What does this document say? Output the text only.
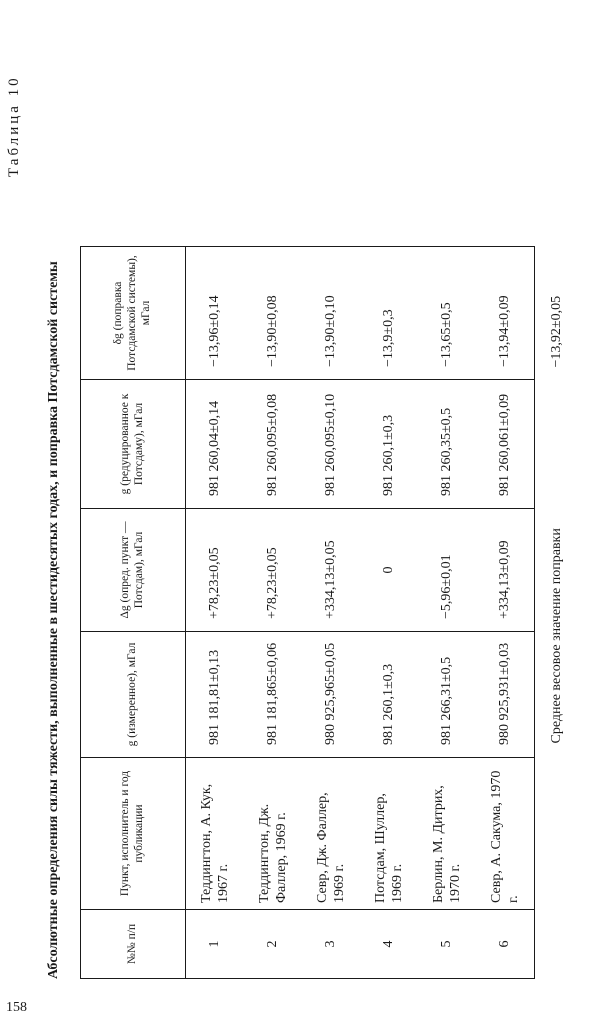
158
Таблица 10
Абсолютные определения силы тяжести, выполненные в шестидесятых годах, и поправка Потсдамской системы	№№ п/п	Пункт, исполнитель и год публикации	g (измеренное), мГал	Δg (опред. пункт — Потсдам), мГал	g (редуцированное к Потсдаму), мГал	δg (поправка Потсдамской системы), мГал
1	Теддингтон, А. Кук, 1967 г.	981 181,81±0,13	+78,23±0,05	981 260,04±0,14	−13,96±0,14
2	Теддингтон, Дж. Фаллер, 1969 г.	981 181,865±0,06	+78,23±0,05	981 260,095±0,08	−13,90±0,08
3	Севр, Дж. Фаллер, 1969 г.	980 925,965±0,05	+334,13±0,05	981 260,095±0,10	−13,90±0,10
4	Потсдам, Шуллер, 1969 г.	981 260,1±0,3	0	981 260,1±0,3	−13,9±0,3
5	Берлин, М. Дитрих, 1970 г.	981 266,31±0,5	−5,96±0,01	981 260,35±0,5	−13,65±0,5
6	Севр, А. Сакума, 1970 г.	980 925,931±0,03	+334,13±0,09	981 260,061±0,09	−13,94±0,09
		Среднее весовое значение поправки			−13,92±0,05
